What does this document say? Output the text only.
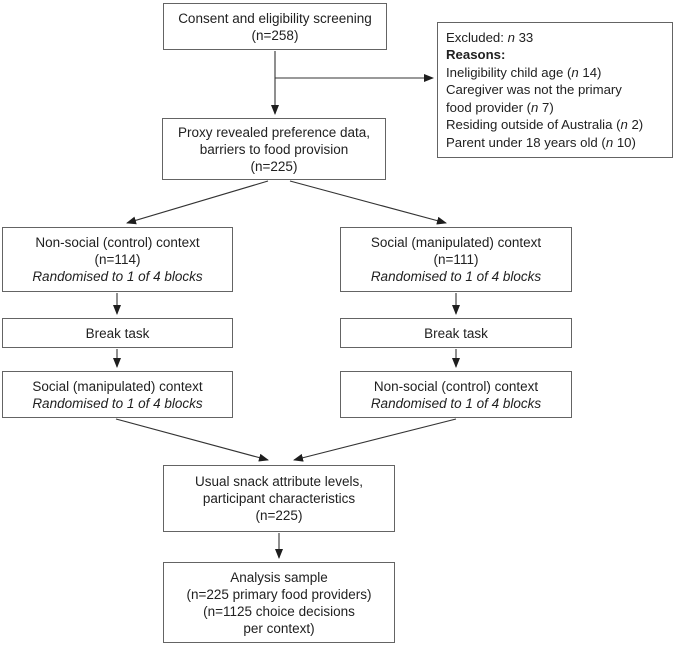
Consent and eligibility screening
(n=258)	Excluded: n 33
Reasons:
Ineligibility child age (n 14)
Caregiver was not the primary
food provider (n 7)
Residing outside of Australia (n 2)
Parent under 18 years old (n 10)
Proxy revealed preference data,
barriers to food provision
(n=225)
Non-social (control) context
(n=114)
Randomised to 1 of 4 blocks
Break task
Social (manipulated) context
Randomised to 1 of 4 blocks
Social (manipulated) context
(n=111)
Randomised to 1 of 4 blocks
Break task
Non-social (control) context
Randomised to 1 of 4 blocks
Usual snack attribute levels,
participant characteristics
(n=225)
Analysis sample
(n=225 primary food providers)
(n=1125 choice decisions
per context)
